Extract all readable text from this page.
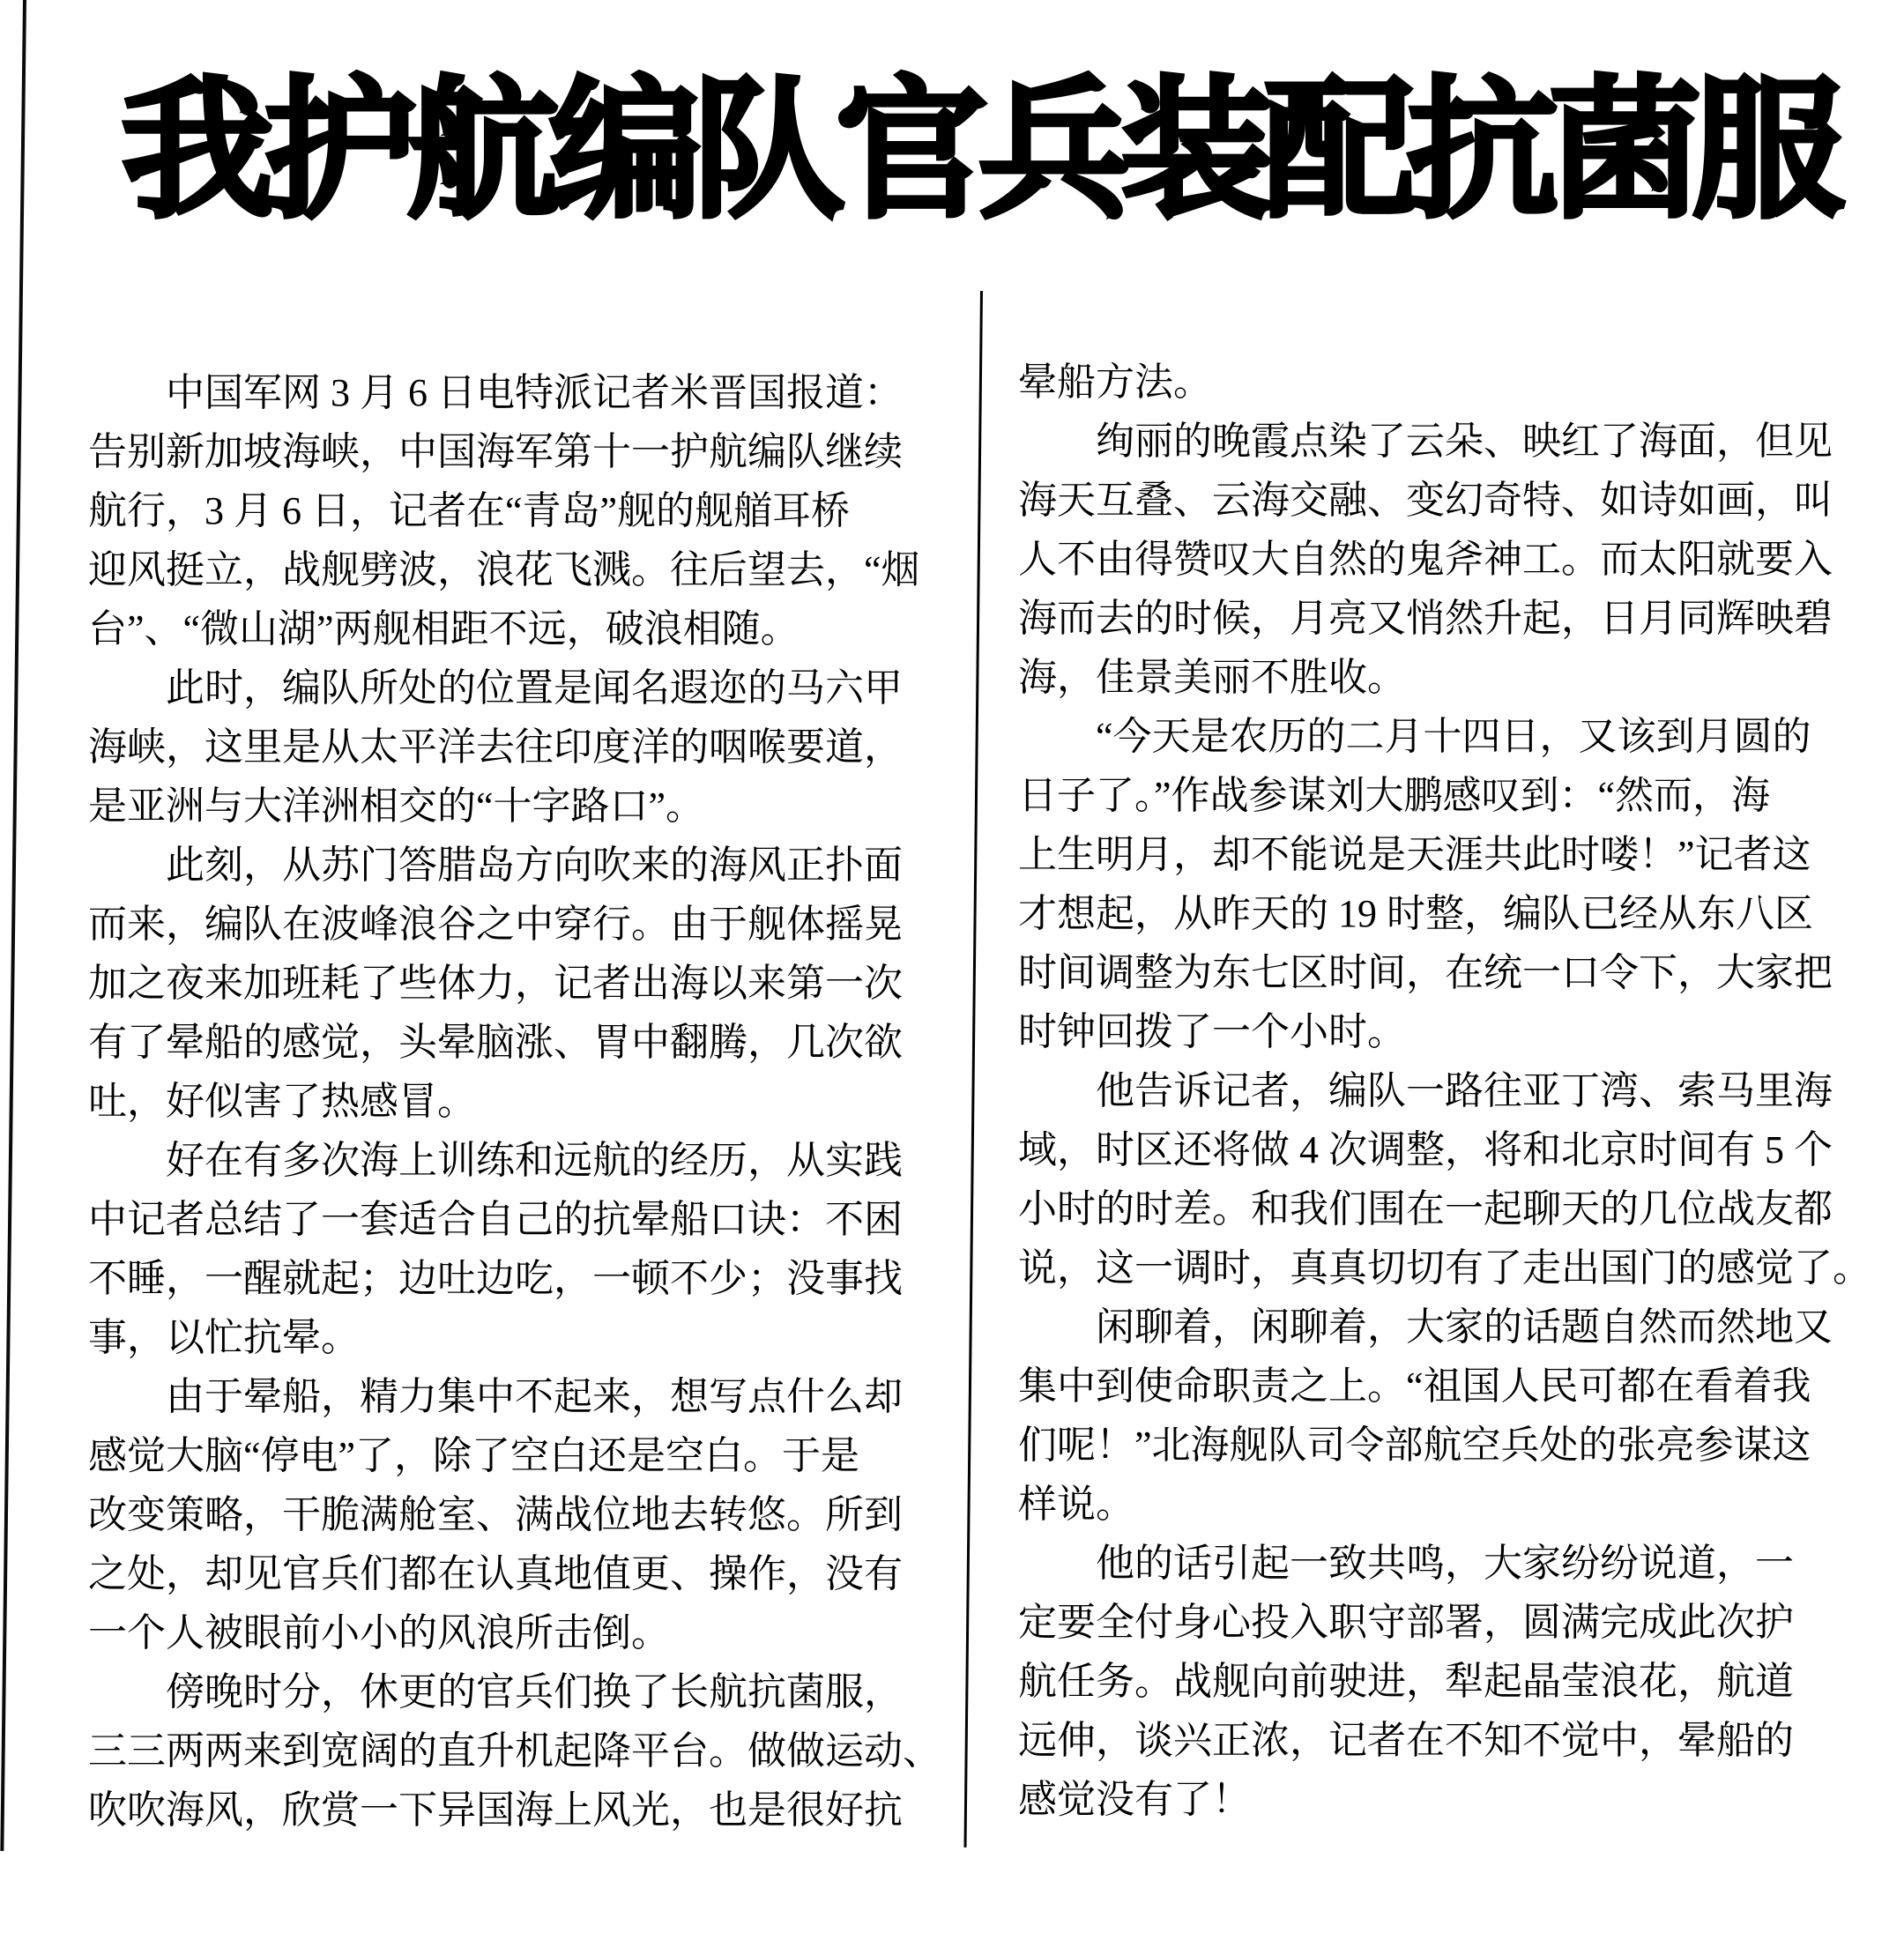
我护航编队官兵装配抗菌服
　　中国军网 3 月 6 日电特派记者米晋国报道：
告别新加坡海峡，中国海军第十一护航编队继续
航行，3 月 6 日，记者在“青岛”舰的舰艏耳桥
迎风挺立，战舰劈波，浪花飞溅。往后望去，“烟
台”、“微山湖”两舰相距不远，破浪相随。
　　此时，编队所处的位置是闻名遐迩的马六甲
海峡，这里是从太平洋去往印度洋的咽喉要道，
是亚洲与大洋洲相交的“十字路口”。
　　此刻，从苏门答腊岛方向吹来的海风正扑面
而来，编队在波峰浪谷之中穿行。由于舰体摇晃
加之夜来加班耗了些体力，记者出海以来第一次
有了晕船的感觉，头晕脑涨、胃中翻腾，几次欲
吐，好似害了热感冒。
　　好在有多次海上训练和远航的经历，从实践
中记者总结了一套适合自己的抗晕船口诀：不困
不睡，一醒就起；边吐边吃，一顿不少；没事找
事，以忙抗晕。
　　由于晕船，精力集中不起来，想写点什么却
感觉大脑“停电”了，除了空白还是空白。于是
改变策略，干脆满舱室、满战位地去转悠。所到
之处，却见官兵们都在认真地值更、操作，没有
一个人被眼前小小的风浪所击倒。
　　傍晚时分，休更的官兵们换了长航抗菌服，
三三两两来到宽阔的直升机起降平台。做做运动、
吹吹海风，欣赏一下异国海上风光，也是很好抗
晕船方法。
　　绚丽的晚霞点染了云朵、映红了海面，但见
海天互叠、云海交融、变幻奇特、如诗如画，叫
人不由得赞叹大自然的鬼斧神工。而太阳就要入
海而去的时候，月亮又悄然升起，日月同辉映碧
海，佳景美丽不胜收。
　　“今天是农历的二月十四日，又该到月圆的
日子了。”作战参谋刘大鹏感叹到：“然而，海
上生明月，却不能说是天涯共此时喽！”记者这
才想起，从昨天的 19 时整，编队已经从东八区
时间调整为东七区时间，在统一口令下，大家把
时钟回拨了一个小时。
　　他告诉记者，编队一路往亚丁湾、索马里海
域，时区还将做 4 次调整，将和北京时间有 5 个
小时的时差。和我们围在一起聊天的几位战友都
说，这一调时，真真切切有了走出国门的感觉了。
　　闲聊着，闲聊着，大家的话题自然而然地又
集中到使命职责之上。“祖国人民可都在看着我
们呢！”北海舰队司令部航空兵处的张亮参谋这
样说。
　　他的话引起一致共鸣，大家纷纷说道，一
定要全付身心投入职守部署，圆满完成此次护
航任务。战舰向前驶进，犁起晶莹浪花，航道
远伸，谈兴正浓，记者在不知不觉中，晕船的
感觉没有了！
